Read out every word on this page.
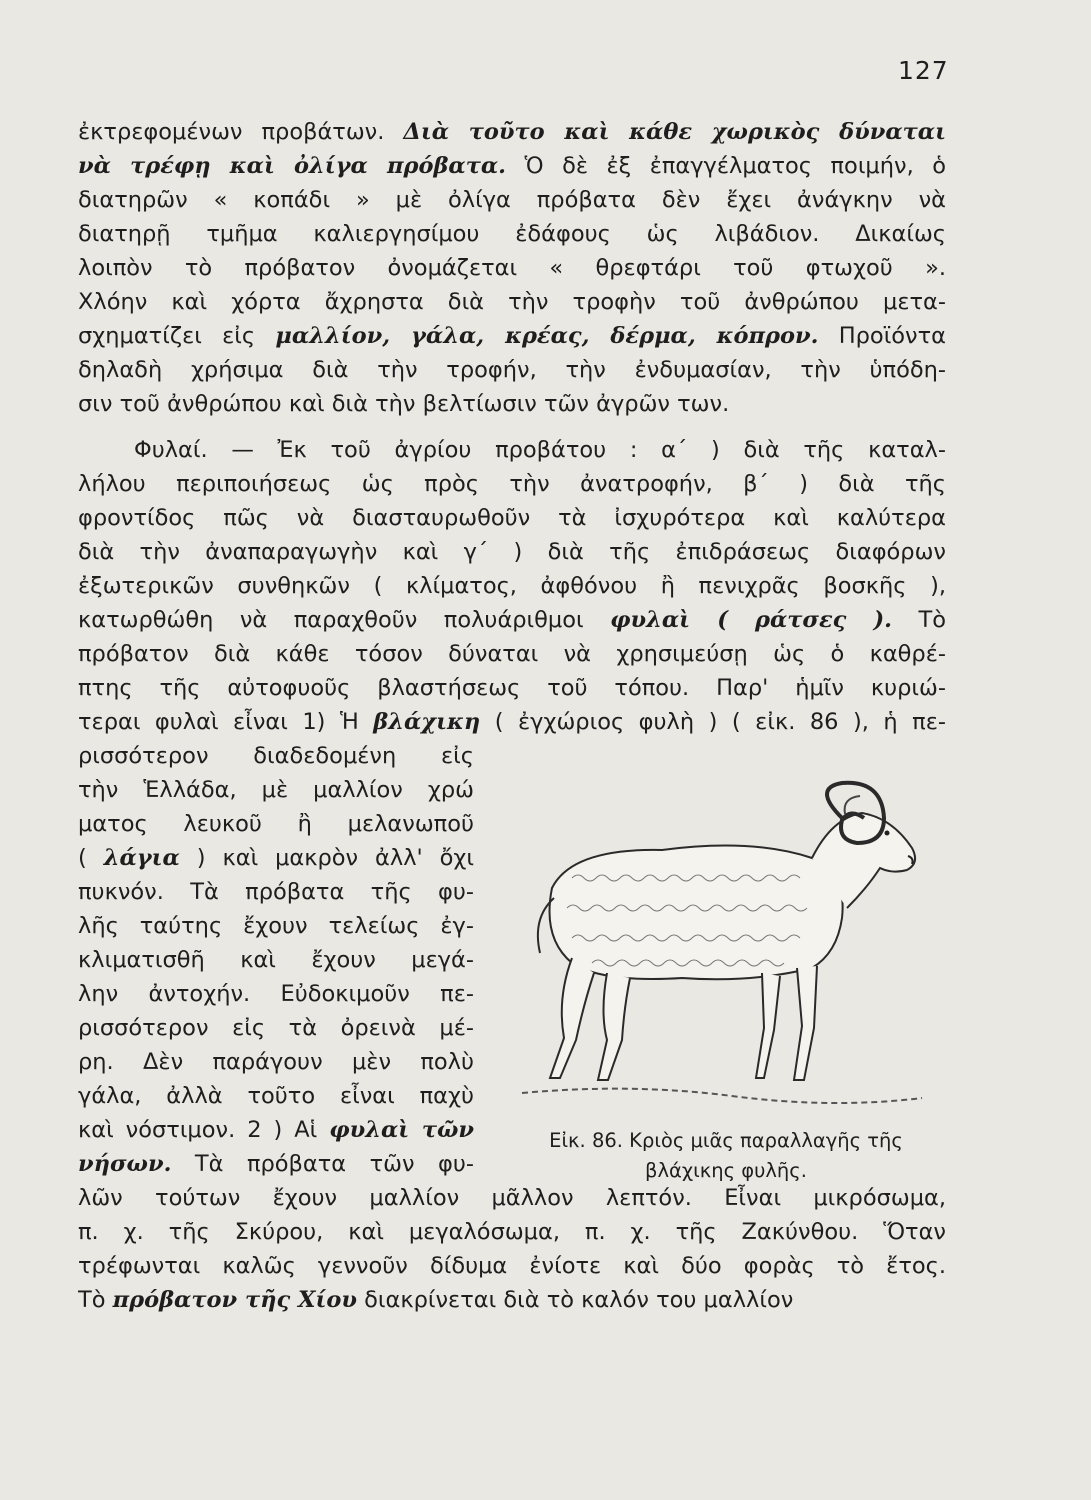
127
ἐκτρεφομένων προβάτων. Διὰ τοῦτο καὶ κάθε χωρικὸς δύναται
νὰ τρέφῃ καὶ ὀλίγα πρόβατα. Ὁ δὲ ἐξ ἐπαγγέλματος ποιμήν, ὁ
διατηρῶν « κοπάδι » μὲ ὀλίγα πρόβατα δὲν ἔχει ἀνάγκην νὰ
διατηρῇ τμῆμα καλιεργησίμου ἐδάφους ὡς λιβάδιον. Δικαίως
λοιπὸν τὸ πρόβατον ὀνομάζεται « θρεφτάρι τοῦ φτωχοῦ ».
Χλόην καὶ χόρτα ἄχρηστα διὰ τὴν τροφὴν τοῦ ἀνθρώπου μετα-
σχηματίζει εἰς μαλλίον, γάλα, κρέας, δέρμα, κόπρον. Προϊόντα
δηλαδὴ χρήσιμα διὰ τὴν τροφήν, τὴν ἐνδυμασίαν, τὴν ὑπόδη-
σιν τοῦ ἀνθρώπου καὶ διὰ τὴν βελτίωσιν τῶν ἀγρῶν των.
Φυλαί. — Ἐκ τοῦ ἀγρίου προβάτου : α΄ ) διὰ τῆς καταλ-
λήλου περιποιήσεως ὡς πρὸς τὴν ἀνατροφήν, β΄ ) διὰ τῆς
φροντίδος πῶς νὰ διασταυρωθοῦν τὰ ἰσχυρότερα καὶ καλύτερα
διὰ τὴν ἀναπαραγωγὴν καὶ γ΄ ) διὰ τῆς ἐπιδράσεως διαφόρων
ἐξωτερικῶν συνθηκῶν ( κλίματος, ἀφθόνου ἢ πενιχρᾶς βοσκῆς ),
κατωρθώθη νὰ παραχθοῦν πολυάριθμοι φυλαὶ ( ράτσες ). Τὸ
πρόβατον διὰ κάθε τόσον δύναται νὰ χρησιμεύσῃ ὡς ὁ καθρέ-
πτης τῆς αὐτοφυοῦς βλαστήσεως τοῦ τόπου. Παρ' ἡμῖν κυριώ-
τεραι φυλαὶ εἶναι 1) Ἡ βλάχικη ( ἐγχώριος φυλὴ ) ( εἰκ. 86 ), ἡ πε-
ρισσότερον διαδεδομένη εἰς
τὴν Ἑλλάδα, μὲ μαλλίον χρώ
ματος λευκοῦ ἢ μελανωποῦ
( λάγια ) καὶ μακρὸν ἀλλ' ὄχι
πυκνόν. Τὰ πρόβατα τῆς φυ-
λῆς ταύτης ἔχουν τελείως ἐγ-
κλιματισθῆ καὶ ἔχουν μεγά-
λην ἀντοχήν. Εὐδοκιμοῦν πε-
ρισσότερον εἰς τὰ ὀρεινὰ μέ-
ρη. Δὲν παράγουν μὲν πολὺ
γάλα, ἀλλὰ τοῦτο εἶναι παχὺ
καὶ νόστιμον. 2 ) Αἱ φυλαὶ τῶν
νήσων. Τὰ πρόβατα τῶν φυ-
λῶν τούτων ἔχουν μαλλίον μᾶλλον λεπτόν. Εἶναι μικρόσωμα,
π. χ. τῆς Σκύρου, καὶ μεγαλόσωμα, π. χ. τῆς Ζακύνθου. Ὅταν
τρέφωνται καλῶς γεννοῦν δίδυμα ἐνίοτε καὶ δύο φορὰς τὸ ἔτος.
Τὸ πρόβατον τῆς Χίου διακρίνεται διὰ τὸ καλόν του μαλλίον
Εἰκ. 86. Κριὸς μιᾶς παραλλαγῆς τῆς
βλάχικης φυλῆς.
